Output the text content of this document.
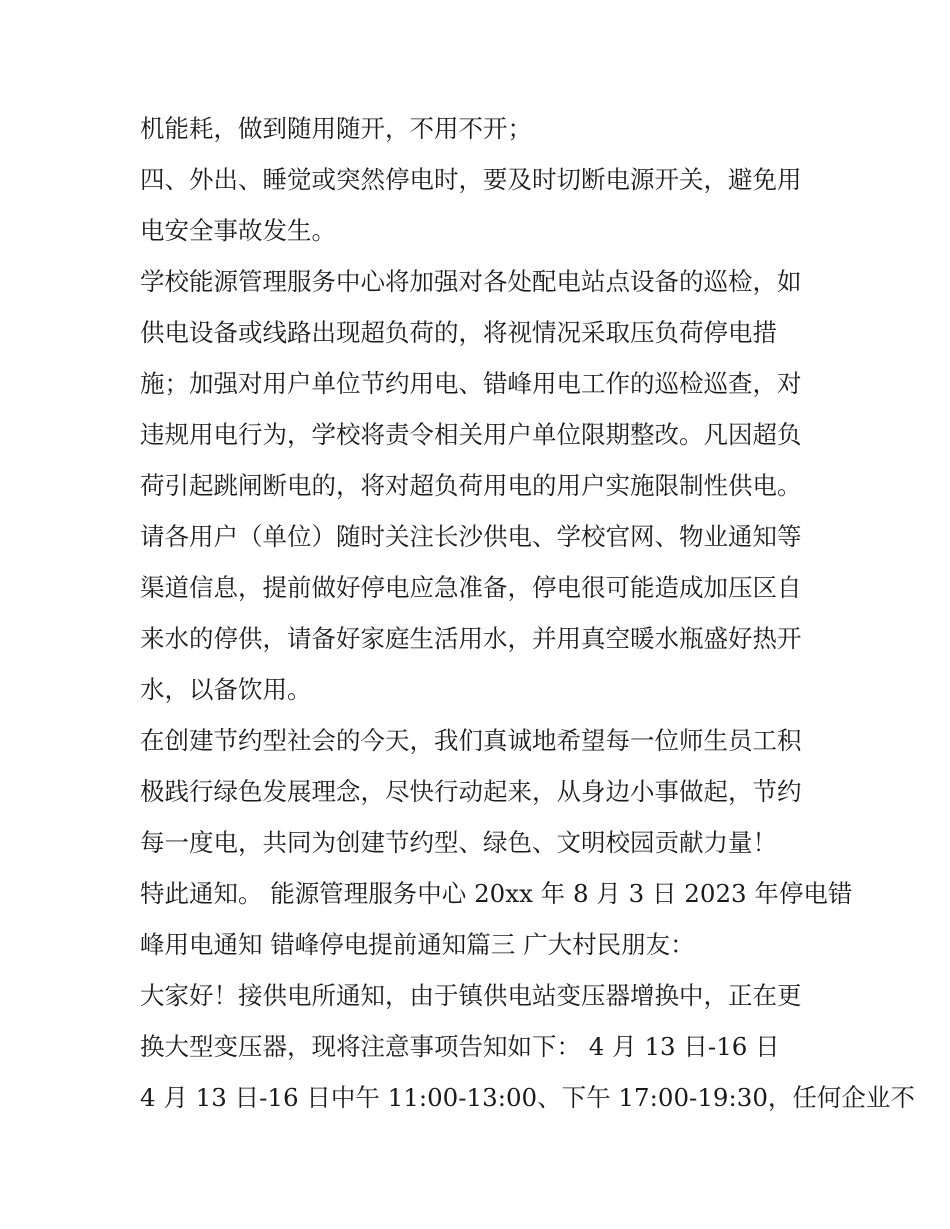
机能耗，做到随用随开，不用不开；
四、外出、睡觉或突然停电时，要及时切断电源开关，避免用
电安全事故发生。
学校能源管理服务中心将加强对各处配电站点设备的巡检，如
供电设备或线路出现超负荷的，将视情况采取压负荷停电措
施；加强对用户单位节约用电、错峰用电工作的巡检巡查，对
违规用电行为，学校将责令相关用户单位限期整改。凡因超负
荷引起跳闸断电的，将对超负荷用电的用户实施限制性供电。
请各用户（单位）随时关注长沙供电、学校官网、物业通知等
渠道信息，提前做好停电应急准备，停电很可能造成加压区自
来水的停供，请备好家庭生活用水，并用真空暖水瓶盛好热开
水，以备饮用。
在创建节约型社会的今天，我们真诚地希望每一位师生员工积
极践行绿色发展理念，尽快行动起来，从身边小事做起，节约
每一度电，共同为创建节约型、绿色、文明校园贡献力量！
特此通知。 能源管理服务中心 20xx 年 8 月 3 日 2023 年停电错
峰用电通知 错峰停电提前通知篇三 广大村民朋友：
大家好！接供电所通知，由于镇供电站变压器增换中，正在更
换大型变压器，现将注意事项告知如下： 4 月 13 日-16 日
4 月 13 日-16 日中午 11:00-13:00、下午 17:00-19:30，任何企业不
